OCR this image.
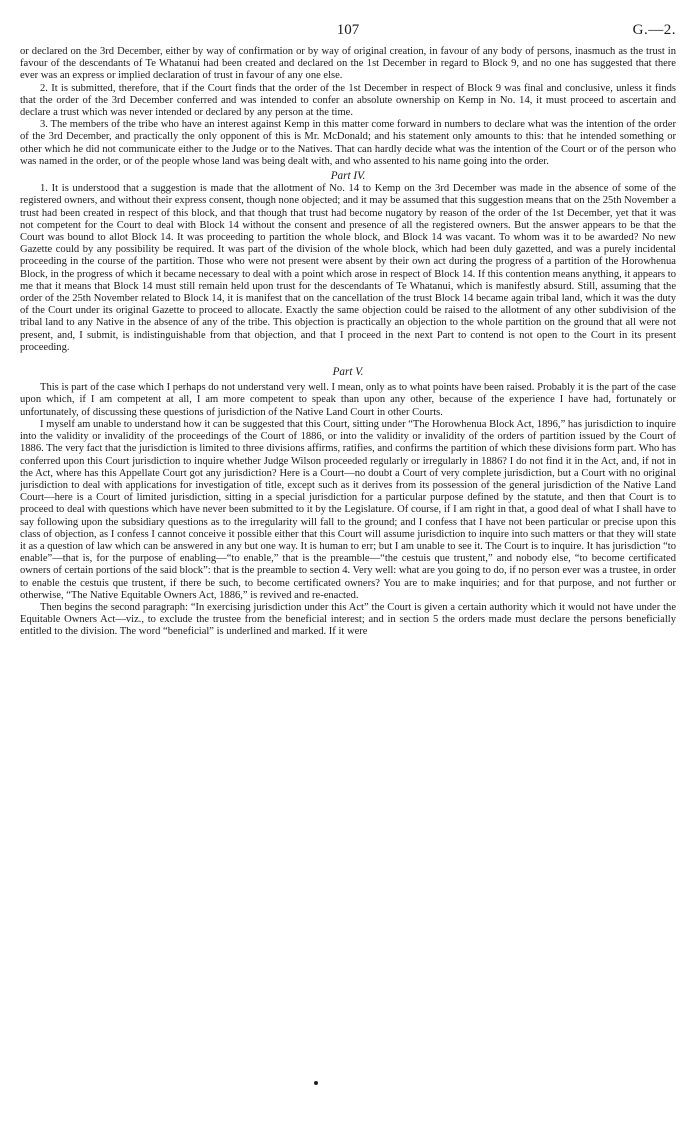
107	G.—2.

or declared on the 3rd December, either by way of confirmation or by way of original creation, in favour of any body of persons, inasmuch as the trust in favour of the descendants of Te Whatanui had been created and declared on the 1st December in regard to Block 9, and no one has suggested that there ever was an express or implied declaration of trust in favour of any one else.

2. It is submitted, therefore, that if the Court finds that the order of the 1st December in respect of Block 9 was final and conclusive, unless it finds that the order of the 3rd December conferred and was intended to confer an absolute ownership on Kemp in No. 14, it must proceed to ascertain and declare a trust which was never intended or declared by any person at the time.

3. The members of the tribe who have an interest against Kemp in this matter come forward in numbers to declare what was the intention of the order of the 3rd December, and practically the only opponent of this is Mr. McDonald; and his statement only amounts to this: that he intended something or other which he did not communicate either to the Judge or to the Natives. That can hardly decide what was the intention of the Court or of the person who was named in the order, or of the people whose land was being dealt with, and who assented to his name going into the order.

Part IV.

1. It is understood that a suggestion is made that the allotment of No. 14 to Kemp on the 3rd December was made in the absence of some of the registered owners, and without their express consent, though none objected; and it may be assumed that this suggestion means that on the 25th November a trust had been created in respect of this block, and that though that trust had become nugatory by reason of the order of the 1st December, yet that it was not competent for the Court to deal with Block 14 without the consent and presence of all the registered owners. But the answer appears to be that the Court was bound to allot Block 14. It was proceeding to partition the whole block, and Block 14 was vacant. To whom was it to be awarded? No new Gazette could by any possibility be required. It was part of the division of the whole block, which had been duly gazetted, and was a purely incidental proceeding in the course of the partition. Those who were not present were absent by their own act during the progress of a partition of the Horowhenua Block, in the progress of which it became necessary to deal with a point which arose in respect of Block 14. If this contention means anything, it appears to me that it means that Block 14 must still remain held upon trust for the descendants of Te Whatanui, which is manifestly absurd. Still, assuming that the order of the 25th November related to Block 14, it is manifest that on the cancellation of the trust Block 14 became again tribal land, which it was the duty of the Court under its original Gazette to proceed to allocate. Exactly the same objection could be raised to the allotment of any other subdivision of the tribal land to any Native in the absence of any of the tribe. This objection is practically an objection to the whole partition on the ground that all were not present, and, I submit, is indistinguishable from that objection, and that I proceed in the next Part to contend is not open to the Court in its present proceeding.

Part V.

This is part of the case which I perhaps do not understand very well. I mean, only as to what points have been raised. Probably it is the part of the case upon which, if I am competent at all, I am more competent to speak than upon any other, because of the experience I have had, fortunately or unfortunately, of discussing these questions of jurisdiction of the Native Land Court in other Courts.

I myself am unable to understand how it can be suggested that this Court, sitting under “The Horowhenua Block Act, 1896,” has jurisdiction to inquire into the validity or invalidity of the proceedings of the Court of 1886, or into the validity or invalidity of the orders of partition issued by the Court of 1886. The very fact that the jurisdiction is limited to three divisions affirms, ratifies, and confirms the partition of which these divisions form part. Who has conferred upon this Court jurisdiction to inquire whether Judge Wilson proceeded regularly or irregularly in 1886? I do not find it in the Act, and, if not in the Act, where has this Appellate Court got any jurisdiction? Here is a Court—no doubt a Court of very complete jurisdiction, but a Court with no original jurisdiction to deal with applications for investigation of title, except such as it derives from its possession of the general jurisdiction of the Native Land Court—here is a Court of limited jurisdiction, sitting in a special jurisdiction for a particular purpose defined by the statute, and then that Court is to proceed to deal with questions which have never been submitted to it by the Legislature. Of course, if I am right in that, a good deal of what I shall have to say following upon the subsidiary questions as to the irregularity will fall to the ground; and I confess that I have not been particular or precise upon this class of objection, as I confess I cannot conceive it possible either that this Court will assume jurisdiction to inquire into such matters or that they will state it as a question of law which can be answered in any but one way. It is human to err; but I am unable to see it. The Court is to inquire. It has jurisdiction “to enable”—that is, for the purpose of enabling—“to enable,” that is the preamble—“the cestuis que trustent,” and nobody else, “to become certificated owners of certain portions of the said block”: that is the preamble to section 4. Very well: what are you going to do, if no person ever was a trustee, in order to enable the cestuis que trustent, if there be such, to become certificated owners? You are to make inquiries; and for that purpose, and not further or otherwise, “The Native Equitable Owners Act, 1886,” is revived and re-enacted.

Then begins the second paragraph: “In exercising jurisdiction under this Act” the Court is given a certain authority which it would not have under the Equitable Owners Act—viz., to exclude the trustee from the beneficial interest; and in section 5 the orders made must declare the persons beneficially entitled to the division. The word “beneficial” is underlined and marked. If it were
